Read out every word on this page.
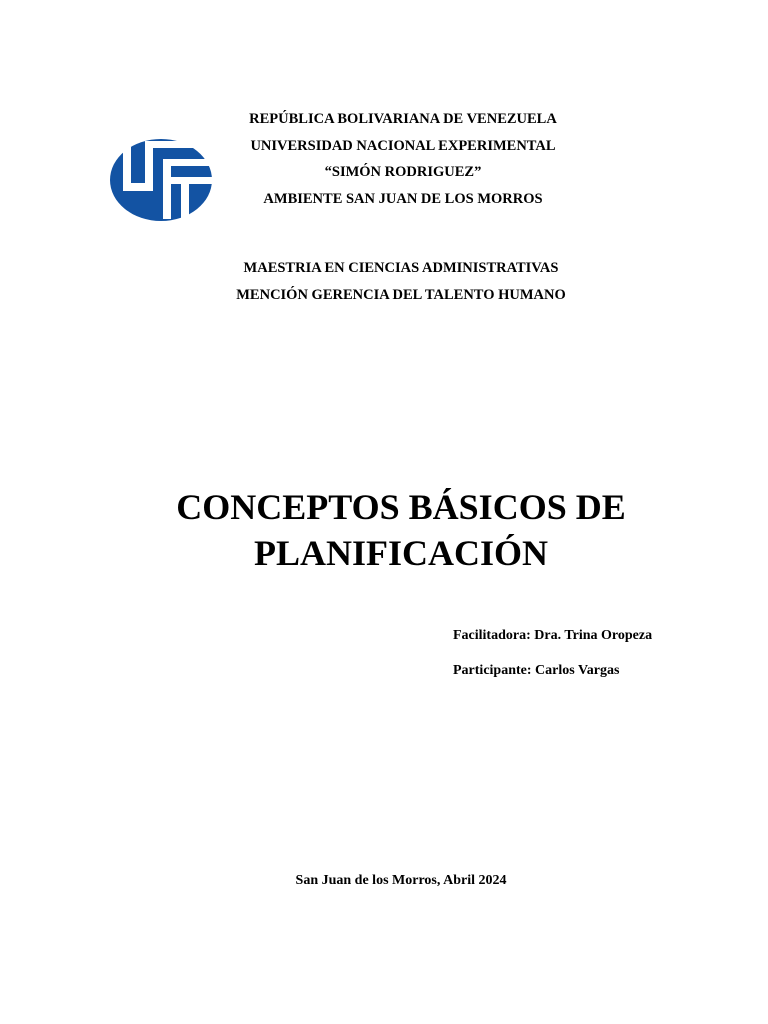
REPÚBLICA BOLIVARIANA DE VENEZUELA
UNIVERSIDAD NACIONAL EXPERIMENTAL
“SIMÓN RODRIGUEZ”
AMBIENTE SAN JUAN DE LOS MORROS
MAESTRIA EN CIENCIAS ADMINISTRATIVAS
MENCIÓN GERENCIA DEL TALENTO HUMANO
CONCEPTOS BÁSICOS DE
PLANIFICACIÓN
Facilitadora: Dra. Trina Oropeza
Participante: Carlos Vargas
San Juan de los Morros, Abril 2024
